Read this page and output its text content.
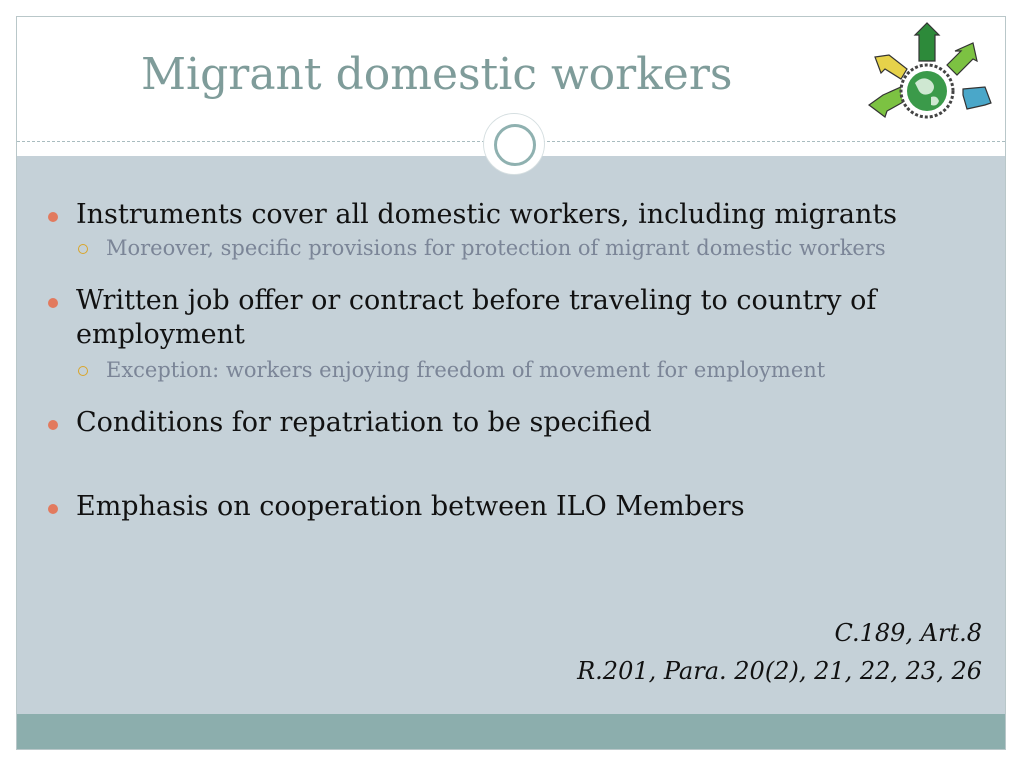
Migrant domestic workers
Instruments cover all domestic workers, including migrants
Moreover, specific provisions for protection of migrant domestic workers
Written job offer or contract before traveling to country of employment
Exception: workers enjoying freedom of movement for employment
Conditions for repatriation to be specified
Emphasis on cooperation between ILO Members
C.189, Art.8
R.201, Para. 20(2), 21, 22, 23, 26
